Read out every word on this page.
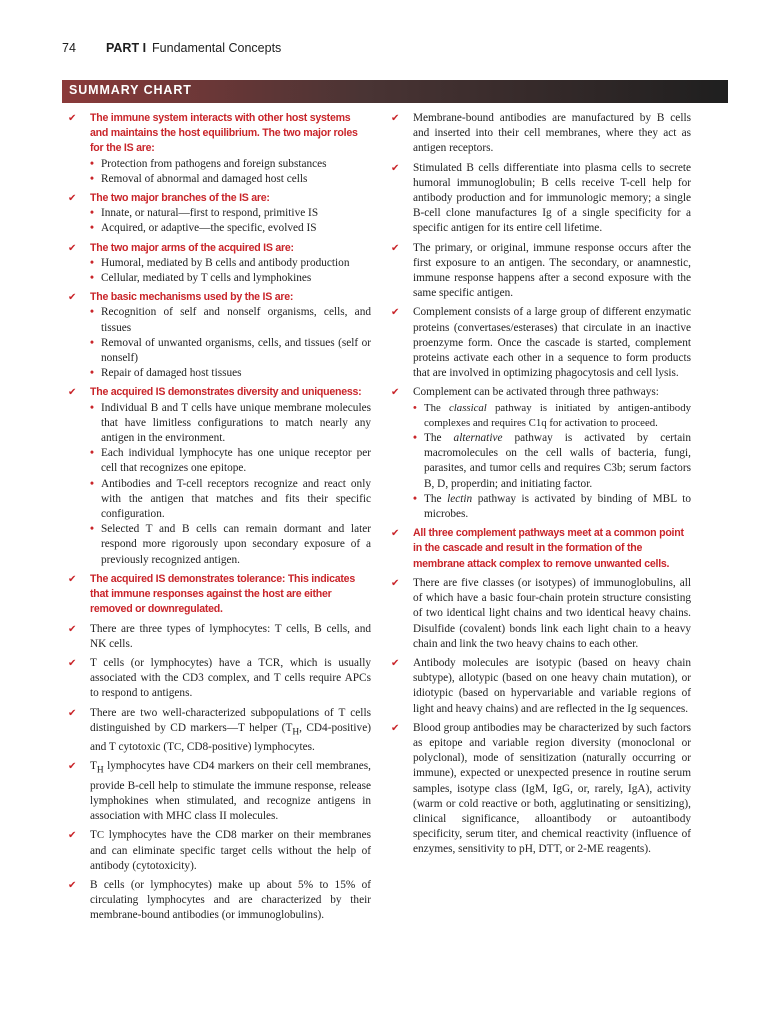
74	PART I Fundamental Concepts
SUMMARY CHART
✔ The immune system interacts with other host systems and maintains the host equilibrium. The two major roles for the IS are:
• Protection from pathogens and foreign substances
• Removal of abnormal and damaged host cells
✔ The two major branches of the IS are:
• Innate, or natural—first to respond, primitive IS
• Acquired, or adaptive—the specific, evolved IS
✔ The two major arms of the acquired IS are:
• Humoral, mediated by B cells and antibody production
• Cellular, mediated by T cells and lymphokines
✔ The basic mechanisms used by the IS are:
• Recognition of self and nonself organisms, cells, and tissues
• Removal of unwanted organisms, cells, and tissues (self or nonself)
• Repair of damaged host tissues
✔ The acquired IS demonstrates diversity and uniqueness:
• Individual B and T cells have unique membrane molecules that have limitless configurations to match nearly any antigen in the environment.
• Each individual lymphocyte has one unique receptor per cell that recognizes one epitope.
• Antibodies and T-cell receptors recognize and react only with the antigen that matches and fits their specific configuration.
• Selected T and B cells can remain dormant and later respond more rigorously upon secondary exposure of a previously recognized antigen.
✔ The acquired IS demonstrates tolerance: This indicates that immune responses against the host are either removed or downregulated.
✔ There are three types of lymphocytes: T cells, B cells, and NK cells.
✔ T cells (or lymphocytes) have a TCR, which is usually associated with the CD3 complex, and T cells require APCs to respond to antigens.
✔ There are two well-characterized subpopulations of T cells distinguished by CD markers—T helper ($T_H$, CD4-positive) and T cytotoxic (TC, CD8-positive) lymphocytes.
✔ $T_H$ lymphocytes have CD4 markers on their cell membranes, provide B-cell help to stimulate the immune response, release lymphokines when stimulated, and recognize antigens in association with MHC class II molecules.
✔ TC lymphocytes have the CD8 marker on their membranes and can eliminate specific target cells without the help of antibody (cytotoxicity).
✔ B cells (or lymphocytes) make up about 5% to 15% of circulating lymphocytes and are characterized by their membrane-bound antibodies (or immunoglobulins).
✔ Membrane-bound antibodies are manufactured by B cells and inserted into their cell membranes, where they act as antigen receptors.
✔ Stimulated B cells differentiate into plasma cells to secrete humoral immunoglobulin; B cells receive T-cell help for antibody production and for immunologic memory; a single B-cell clone manufactures Ig of a single specificity for a specific antigen for its entire cell lifetime.
✔ The primary, or original, immune response occurs after the first exposure to an antigen. The secondary, or anamnestic, immune response happens after a second exposure with the same specific antigen.
✔ Complement consists of a large group of different enzymatic proteins (convertases/esterases) that circulate in an inactive proenzyme form. Once the cascade is started, complement proteins activate each other in a sequence to form products that are involved in optimizing phagocytosis and cell lysis.
✔ Complement can be activated through three pathways:
• The classical pathway is initiated by antigen-antibody complexes and requires C1q for activation to proceed.
• The alternative pathway is activated by certain macromolecules on the cell walls of bacteria, fungi, parasites, and tumor cells and requires C3b; serum factors B, D, properdin; and initiating factor.
• The lectin pathway is activated by binding of MBL to microbes.
✔ All three complement pathways meet at a common point in the cascade and result in the formation of the membrane attack complex to remove unwanted cells.
✔ There are five classes (or isotypes) of immunoglobulins, all of which have a basic four-chain protein structure consisting of two identical light chains and two identical heavy chains. Disulfide (covalent) bonds link each light chain to a heavy chain and link the two heavy chains to each other.
✔ Antibody molecules are isotypic (based on heavy chain subtype), allotypic (based on one heavy chain mutation), or idiotypic (based on hypervariable and variable regions of light and heavy chains) and are reflected in the Ig sequences.
✔ Blood group antibodies may be characterized by such factors as epitope and variable region diversity (monoclonal or polyclonal), mode of sensitization (naturally occurring or immune), expected or unexpected presence in routine serum samples, isotype class (IgM, IgG, or, rarely, IgA), activity (warm or cold reactive or both, agglutinating or sensitizing), clinical significance, alloantibody or autoantibody specificity, serum titer, and chemical reactivity (influence of enzymes, sensitivity to pH, DTT, or 2-ME reagents).
